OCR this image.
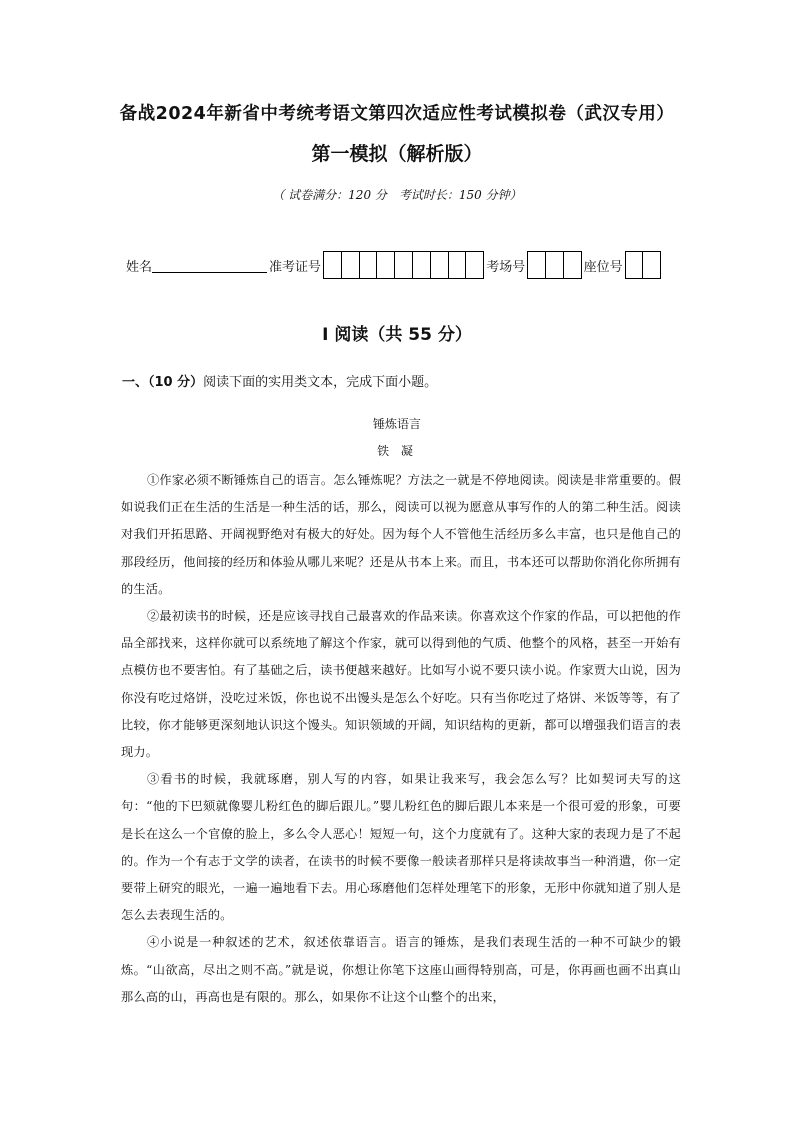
备战2024年新省中考统考语文第四次适应性考试模拟卷（武汉专用）
第一模拟（解析版）
（ 试卷满分：120 分　考试时长：150 分钟）
姓名	准考证号	考场号	座位号
I 阅读（共 55 分）
一、（10 分）阅读下面的实用类文本，完成下面小题。
锤炼语言
铁 凝

①作家必须不断锤炼自己的语言。怎么锤炼呢？方法之一就是不停地阅读。阅读是非常重要的。假如说我们正在生活的生活是一种生活的话，那么，阅读可以视为愿意从事写作的人的第二种生活。阅读对我们开拓思路、开阔视野绝对有极大的好处。因为每个人不管他生活经历多么丰富，也只是他自己的那段经历，他间接的经历和体验从哪儿来呢？还是从书本上来。而且，书本还可以帮助你消化你所拥有的生活。

②最初读书的时候，还是应该寻找自己最喜欢的作品来读。你喜欢这个作家的作品，可以把他的作品全部找来，这样你就可以系统地了解这个作家，就可以得到他的气质、他整个的风格，甚至一开始有点模仿也不要害怕。有了基础之后，读书便越来越好。比如写小说不要只读小说。作家贾大山说，因为你没有吃过烙饼，没吃过米饭，你也说不出馒头是怎么个好吃。只有当你吃过了烙饼、米饭等等，有了比较，你才能够更深刻地认识这个馒头。知识领域的开阔，知识结构的更新，都可以增强我们语言的表现力。

③看书的时候，我就琢磨，别人写的内容，如果让我来写，我会怎么写？比如契诃夫写的这句：“他的下巴颏就像婴儿粉红色的脚后跟儿。”婴儿粉红色的脚后跟儿本来是一个很可爱的形象，可要是长在这么一个官僚的脸上，多么令人恶心！短短一句，这个力度就有了。这种大家的表现力是了不起的。作为一个有志于文学的读者，在读书的时候不要像一般读者那样只是将读故事当一种消遣，你一定要带上研究的眼光，一遍一遍地看下去。用心琢磨他们怎样处理笔下的形象，无形中你就知道了别人是怎么去表现生活的。

④小说是一种叙述的艺术，叙述依靠语言。语言的锤炼，是我们表现生活的一种不可缺少的锻炼。“山欲高，尽出之则不高。”就是说，你想让你笔下这座山画得特别高，可是，你再画也画不出真山那么高的山，再高也是有限的。那么，如果你不让这个山整个的出来，
